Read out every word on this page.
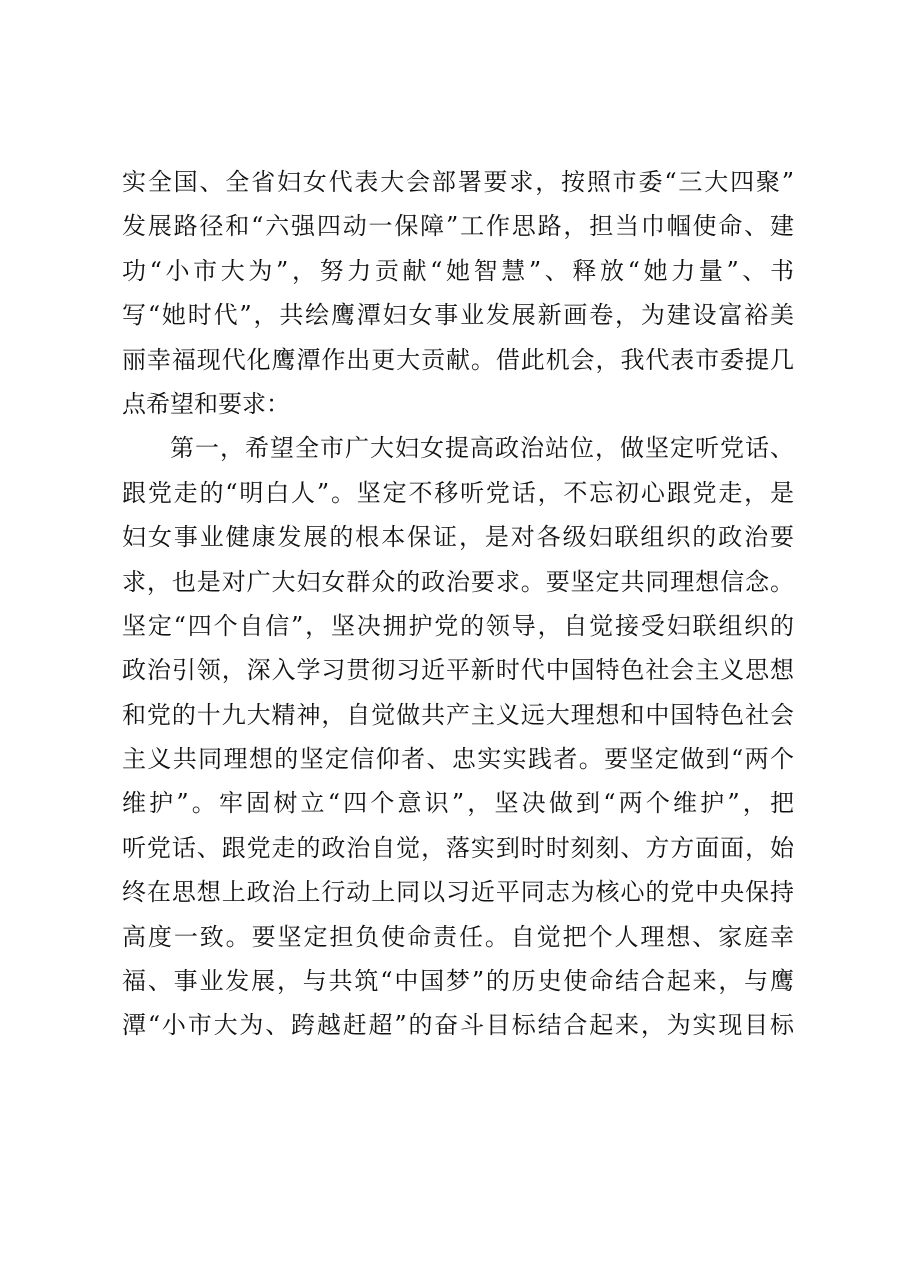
实全国、全省妇女代表大会部署要求，按照市委“三大四聚”
发展路径和“六强四动一保障”工作思路，担当巾帼使命、建
功“小市大为”，努力贡献“她智慧”、释放“她力量”、书
写“她时代”，共绘鹰潭妇女事业发展新画卷，为建设富裕美
丽幸福现代化鹰潭作出更大贡献。借此机会，我代表市委提几
点希望和要求：
第一，希望全市广大妇女提高政治站位，做坚定听党话、
跟党走的“明白人”。坚定不移听党话，不忘初心跟党走，是
妇女事业健康发展的根本保证，是对各级妇联组织的政治要
求，也是对广大妇女群众的政治要求。要坚定共同理想信念。
坚定“四个自信”，坚决拥护党的领导，自觉接受妇联组织的
政治引领，深入学习贯彻习近平新时代中国特色社会主义思想
和党的十九大精神，自觉做共产主义远大理想和中国特色社会
主义共同理想的坚定信仰者、忠实实践者。要坚定做到“两个
维护”。牢固树立“四个意识”，坚决做到“两个维护”，把
听党话、跟党走的政治自觉，落实到时时刻刻、方方面面，始
终在思想上政治上行动上同以习近平同志为核心的党中央保持
高度一致。要坚定担负使命责任。自觉把个人理想、家庭幸
福、事业发展，与共筑“中国梦”的历史使命结合起来，与鹰
潭“小市大为、跨越赶超”的奋斗目标结合起来，为实现目标
